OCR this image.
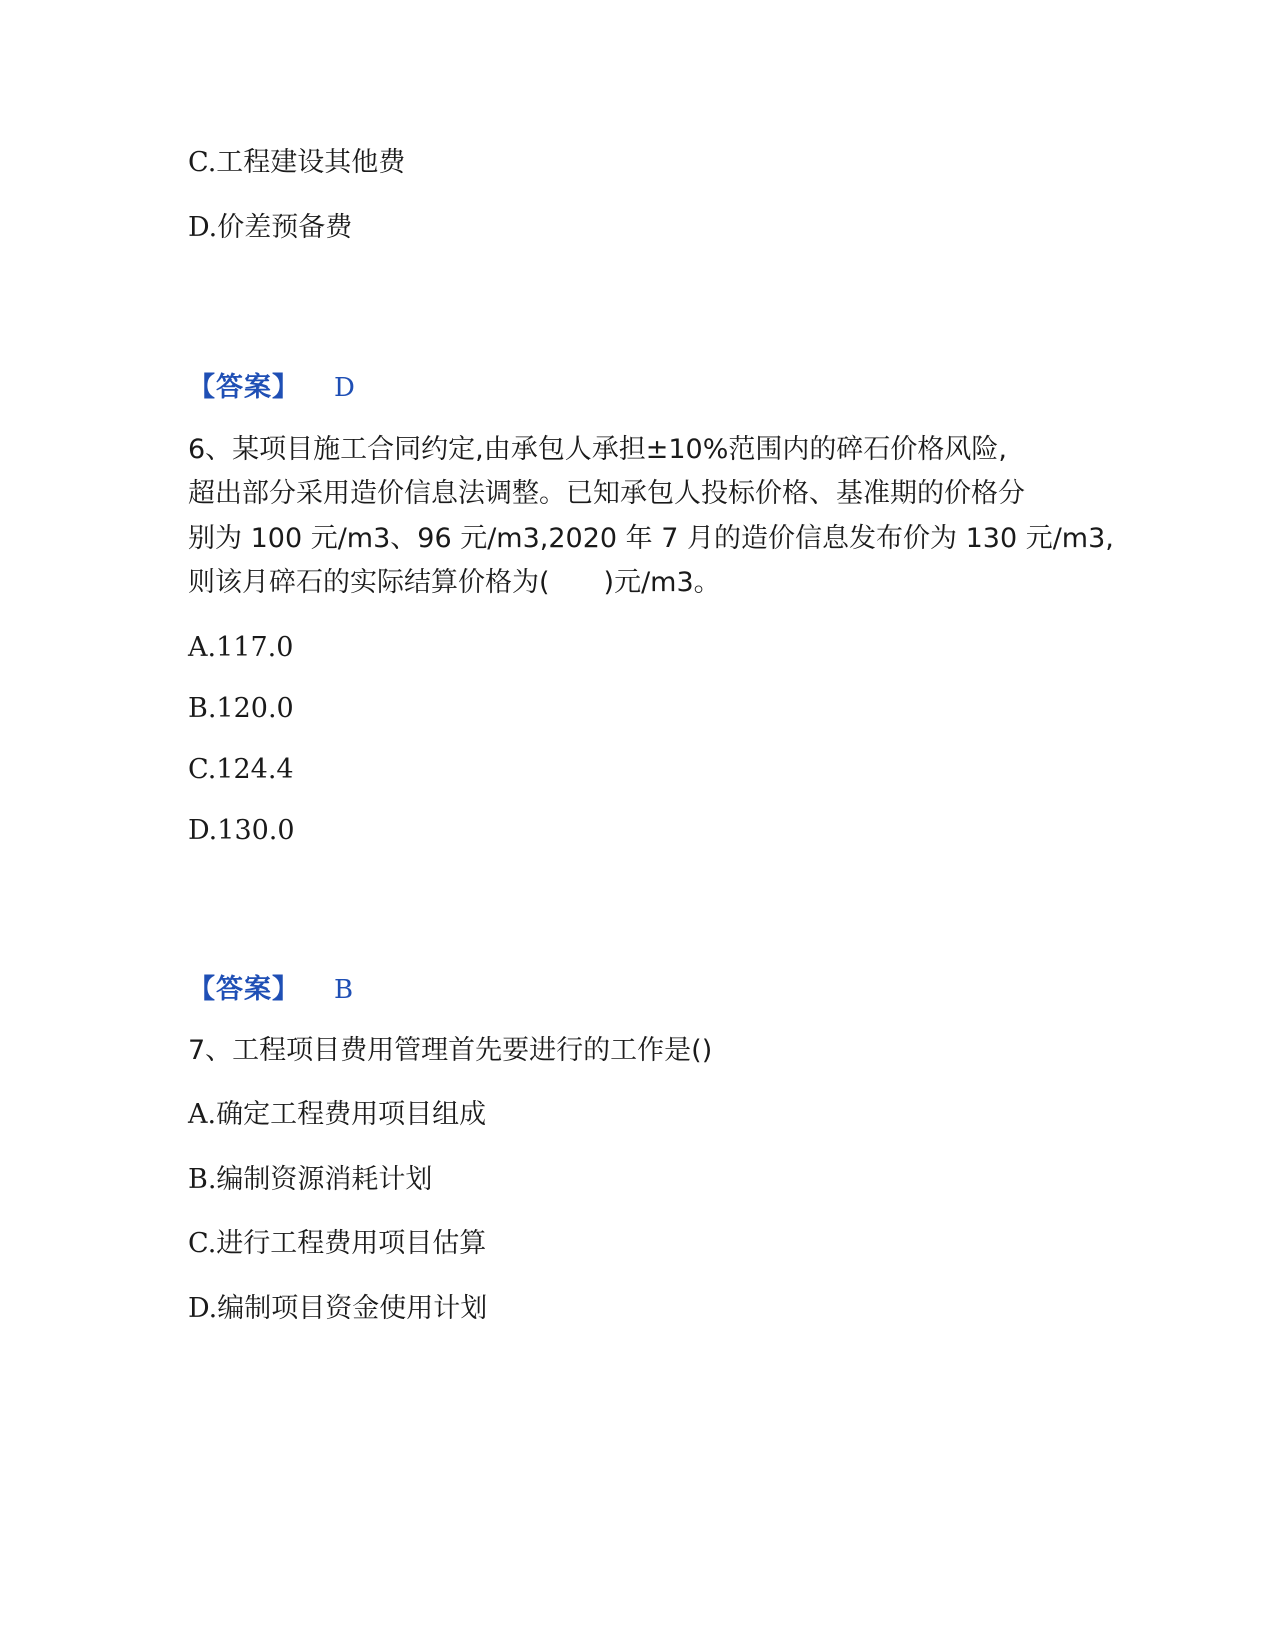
C.工程建设其他费
D.价差预备费
【答案】 D
6、某项目施工合同约定,由承包人承担±10%范围内的碎石价格风险,
超出部分采用造价信息法调整。已知承包人投标价格、基准期的价格分
别为 100 元/m3、96 元/m3,2020 年 7 月的造价信息发布价为 130 元/m3,
则该月碎石的实际结算价格为(　　)元/m3。
A.117.0
B.120.0
C.124.4
D.130.0
【答案】 B
7、工程项目费用管理首先要进行的工作是()
A.确定工程费用项目组成
B.编制资源消耗计划
C.进行工程费用项目估算
D.编制项目资金使用计划
